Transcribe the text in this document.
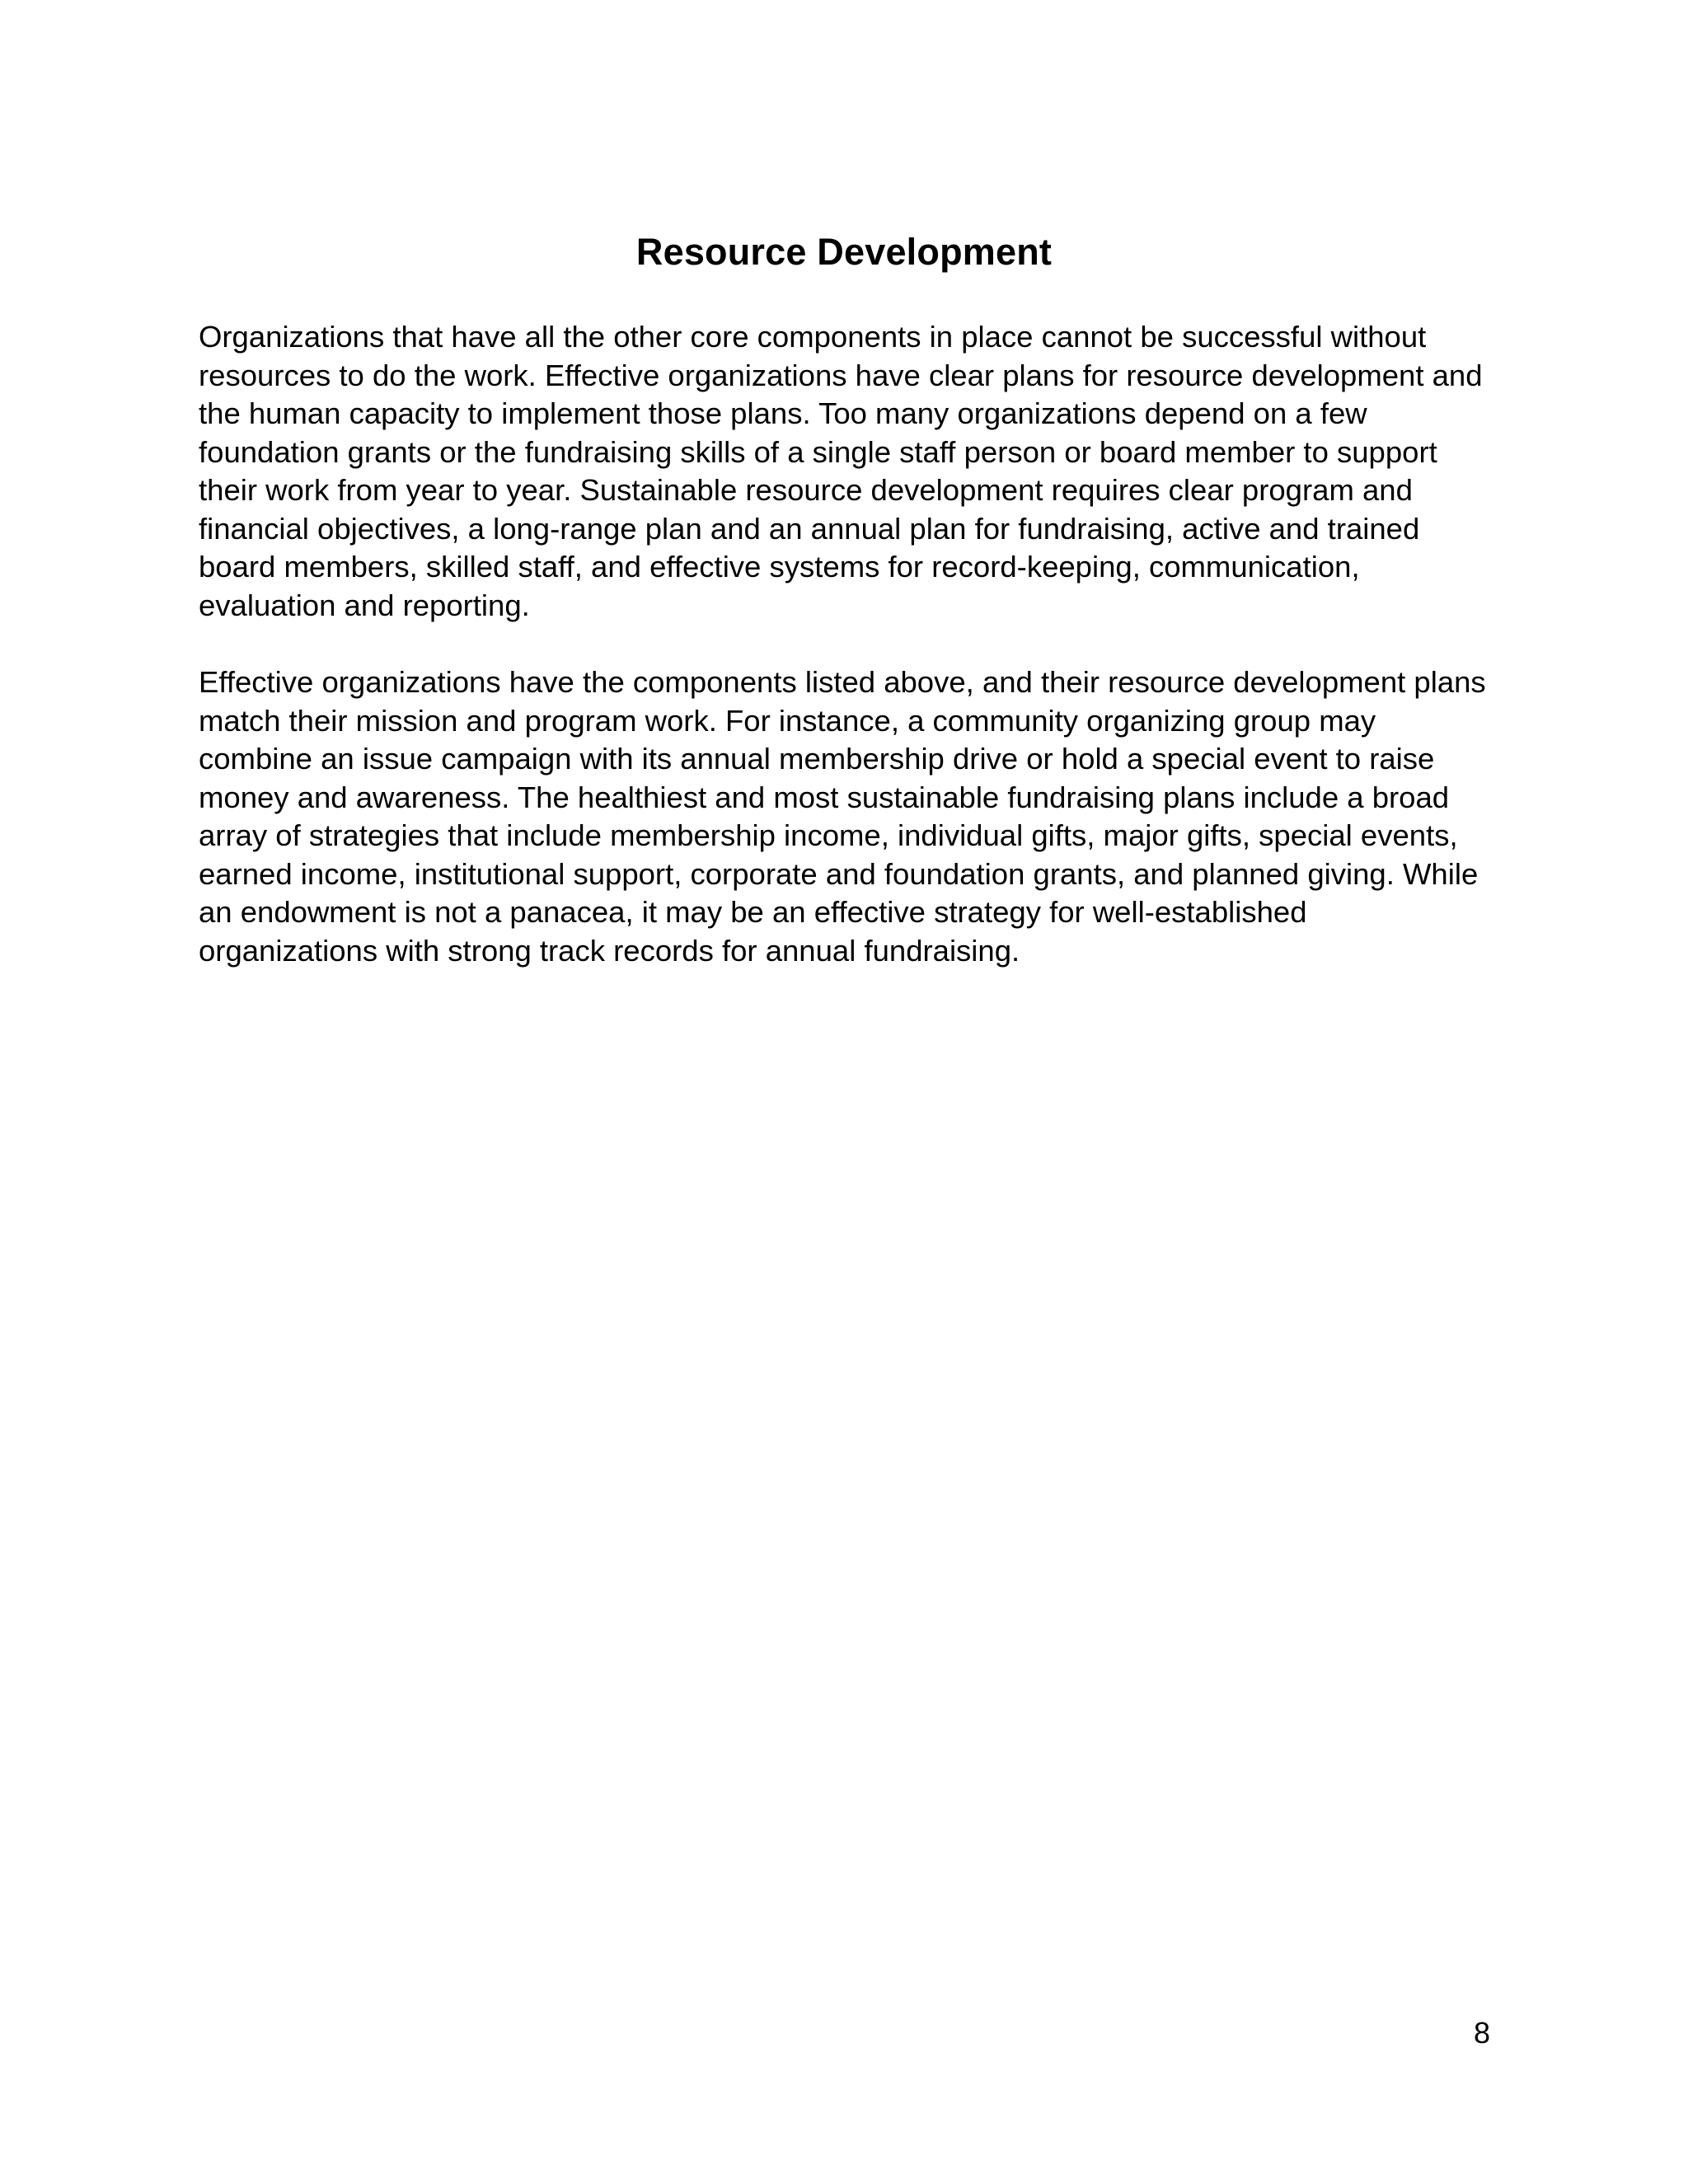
Resource Development

Organizations that have all the other core components in place cannot be successful without resources to do the work. Effective organizations have clear plans for resource development and the human capacity to implement those plans. Too many organizations depend on a few foundation grants or the fundraising skills of a single staff person or board member to support their work from year to year. Sustainable resource development requires clear program and financial objectives, a long-range plan and an annual plan for fundraising, active and trained board members, skilled staff, and effective systems for record-keeping, communication, evaluation and reporting.

Effective organizations have the components listed above, and their resource development plans match their mission and program work. For instance, a community organizing group may combine an issue campaign with its annual membership drive or hold a special event to raise money and awareness. The healthiest and most sustainable fundraising plans include a broad array of strategies that include membership income, individual gifts, major gifts, special events, earned income, institutional support, corporate and foundation grants, and planned giving. While an endowment is not a panacea, it may be an effective strategy for well-established organizations with strong track records for annual fundraising.

8
